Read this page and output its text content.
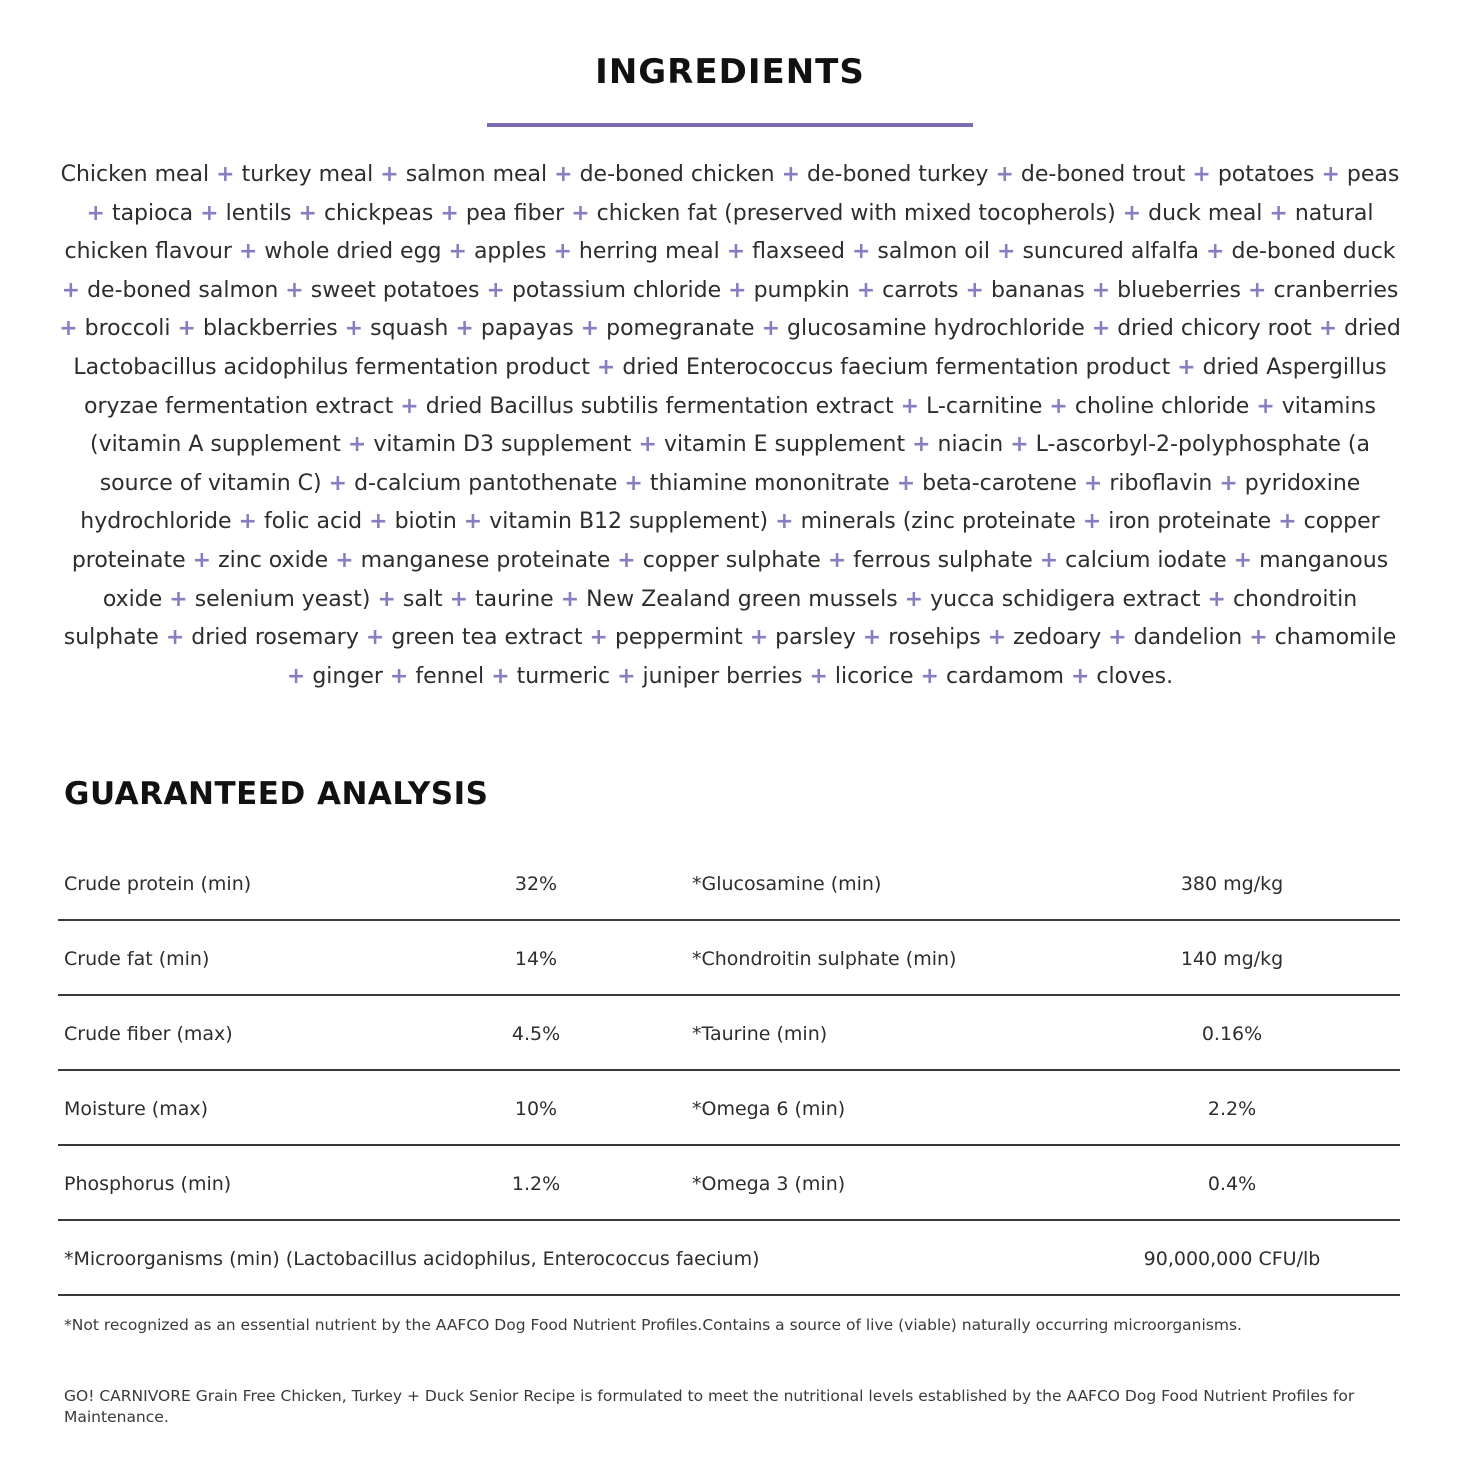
INGREDIENTS
Chicken meal + turkey meal + salmon meal + de-boned chicken + de-boned turkey + de-boned trout + potatoes + peas + tapioca + lentils + chickpeas + pea fiber + chicken fat (preserved with mixed tocopherols) + duck meal + natural chicken flavour + whole dried egg + apples + herring meal + flaxseed + salmon oil + suncured alfalfa + de-boned duck + de-boned salmon + sweet potatoes + potassium chloride + pumpkin + carrots + bananas + blueberries + cranberries + broccoli + blackberries + squash + papayas + pomegranate + glucosamine hydrochloride + dried chicory root + dried Lactobacillus acidophilus fermentation product + dried Enterococcus faecium fermentation product + dried Aspergillus oryzae fermentation extract + dried Bacillus subtilis fermentation extract + L-carnitine + choline chloride + vitamins (vitamin A supplement + vitamin D3 supplement + vitamin E supplement + niacin + L-ascorbyl-2-polyphosphate (a source of vitamin C) + d-calcium pantothenate + thiamine mononitrate + beta-carotene + riboflavin + pyridoxine hydrochloride + folic acid + biotin + vitamin B12 supplement) + minerals (zinc proteinate + iron proteinate + copper proteinate + zinc oxide + manganese proteinate + copper sulphate + ferrous sulphate + calcium iodate + manganous oxide + selenium yeast) + salt + taurine + New Zealand green mussels + yucca schidigera extract + chondroitin sulphate + dried rosemary + green tea extract + peppermint + parsley + rosehips + zedoary + dandelion + chamomile + ginger + fennel + turmeric + juniper berries + licorice + cardamom + cloves.
GUARANTEED ANALYSIS
Crude protein (min)	32%	*Glucosamine (min)	380 mg/kg
Crude fat (min)	14%	*Chondroitin sulphate (min)	140 mg/kg
Crude fiber (max)	4.5%	*Taurine (min)	0.16%
Moisture (max)	10%	*Omega 6 (min)	2.2%
Phosphorus (min)	1.2%	*Omega 3 (min)	0.4%
*Microorganisms (min) (Lactobacillus acidophilus, Enterococcus faecium)	90,000,000 CFU/lb
*Not recognized as an essential nutrient by the AAFCO Dog Food Nutrient Profiles.Contains a source of live (viable) naturally occurring microorganisms.
GO! CARNIVORE Grain Free Chicken, Turkey + Duck Senior Recipe is formulated to meet the nutritional levels established by the AAFCO Dog Food Nutrient Profiles for Maintenance.
